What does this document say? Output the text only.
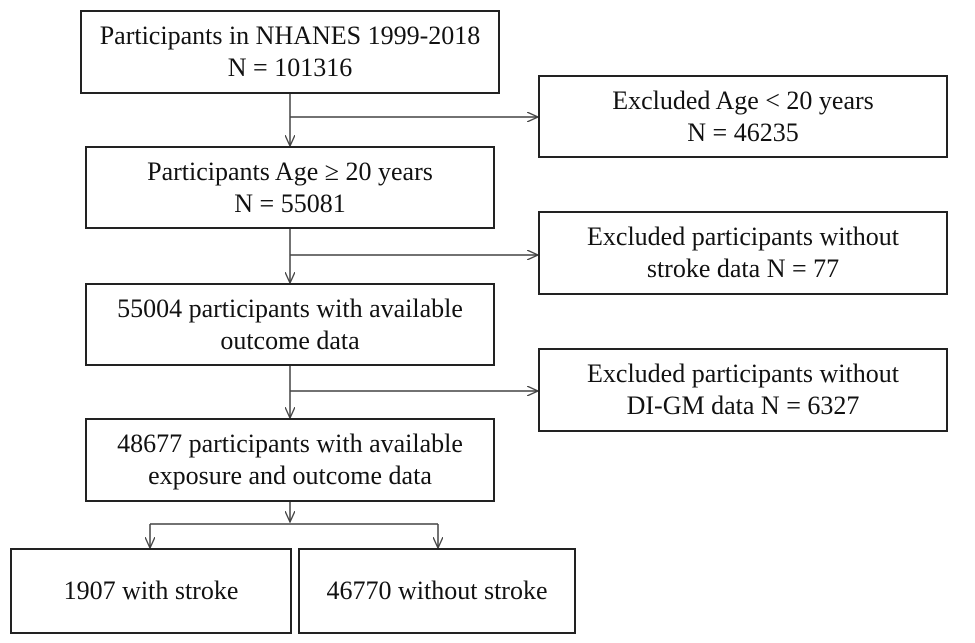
Participants in NHANES 1999-2018
N = 101316
Participants Age ≥ 20 years
N = 55081
55004 participants with available
outcome data
48677 participants with available
exposure and outcome data
Excluded Age < 20 years
N = 46235
Excluded participants without
stroke data N = 77
Excluded participants without
DI-GM data N = 6327
1907 with stroke	46770 without stroke
